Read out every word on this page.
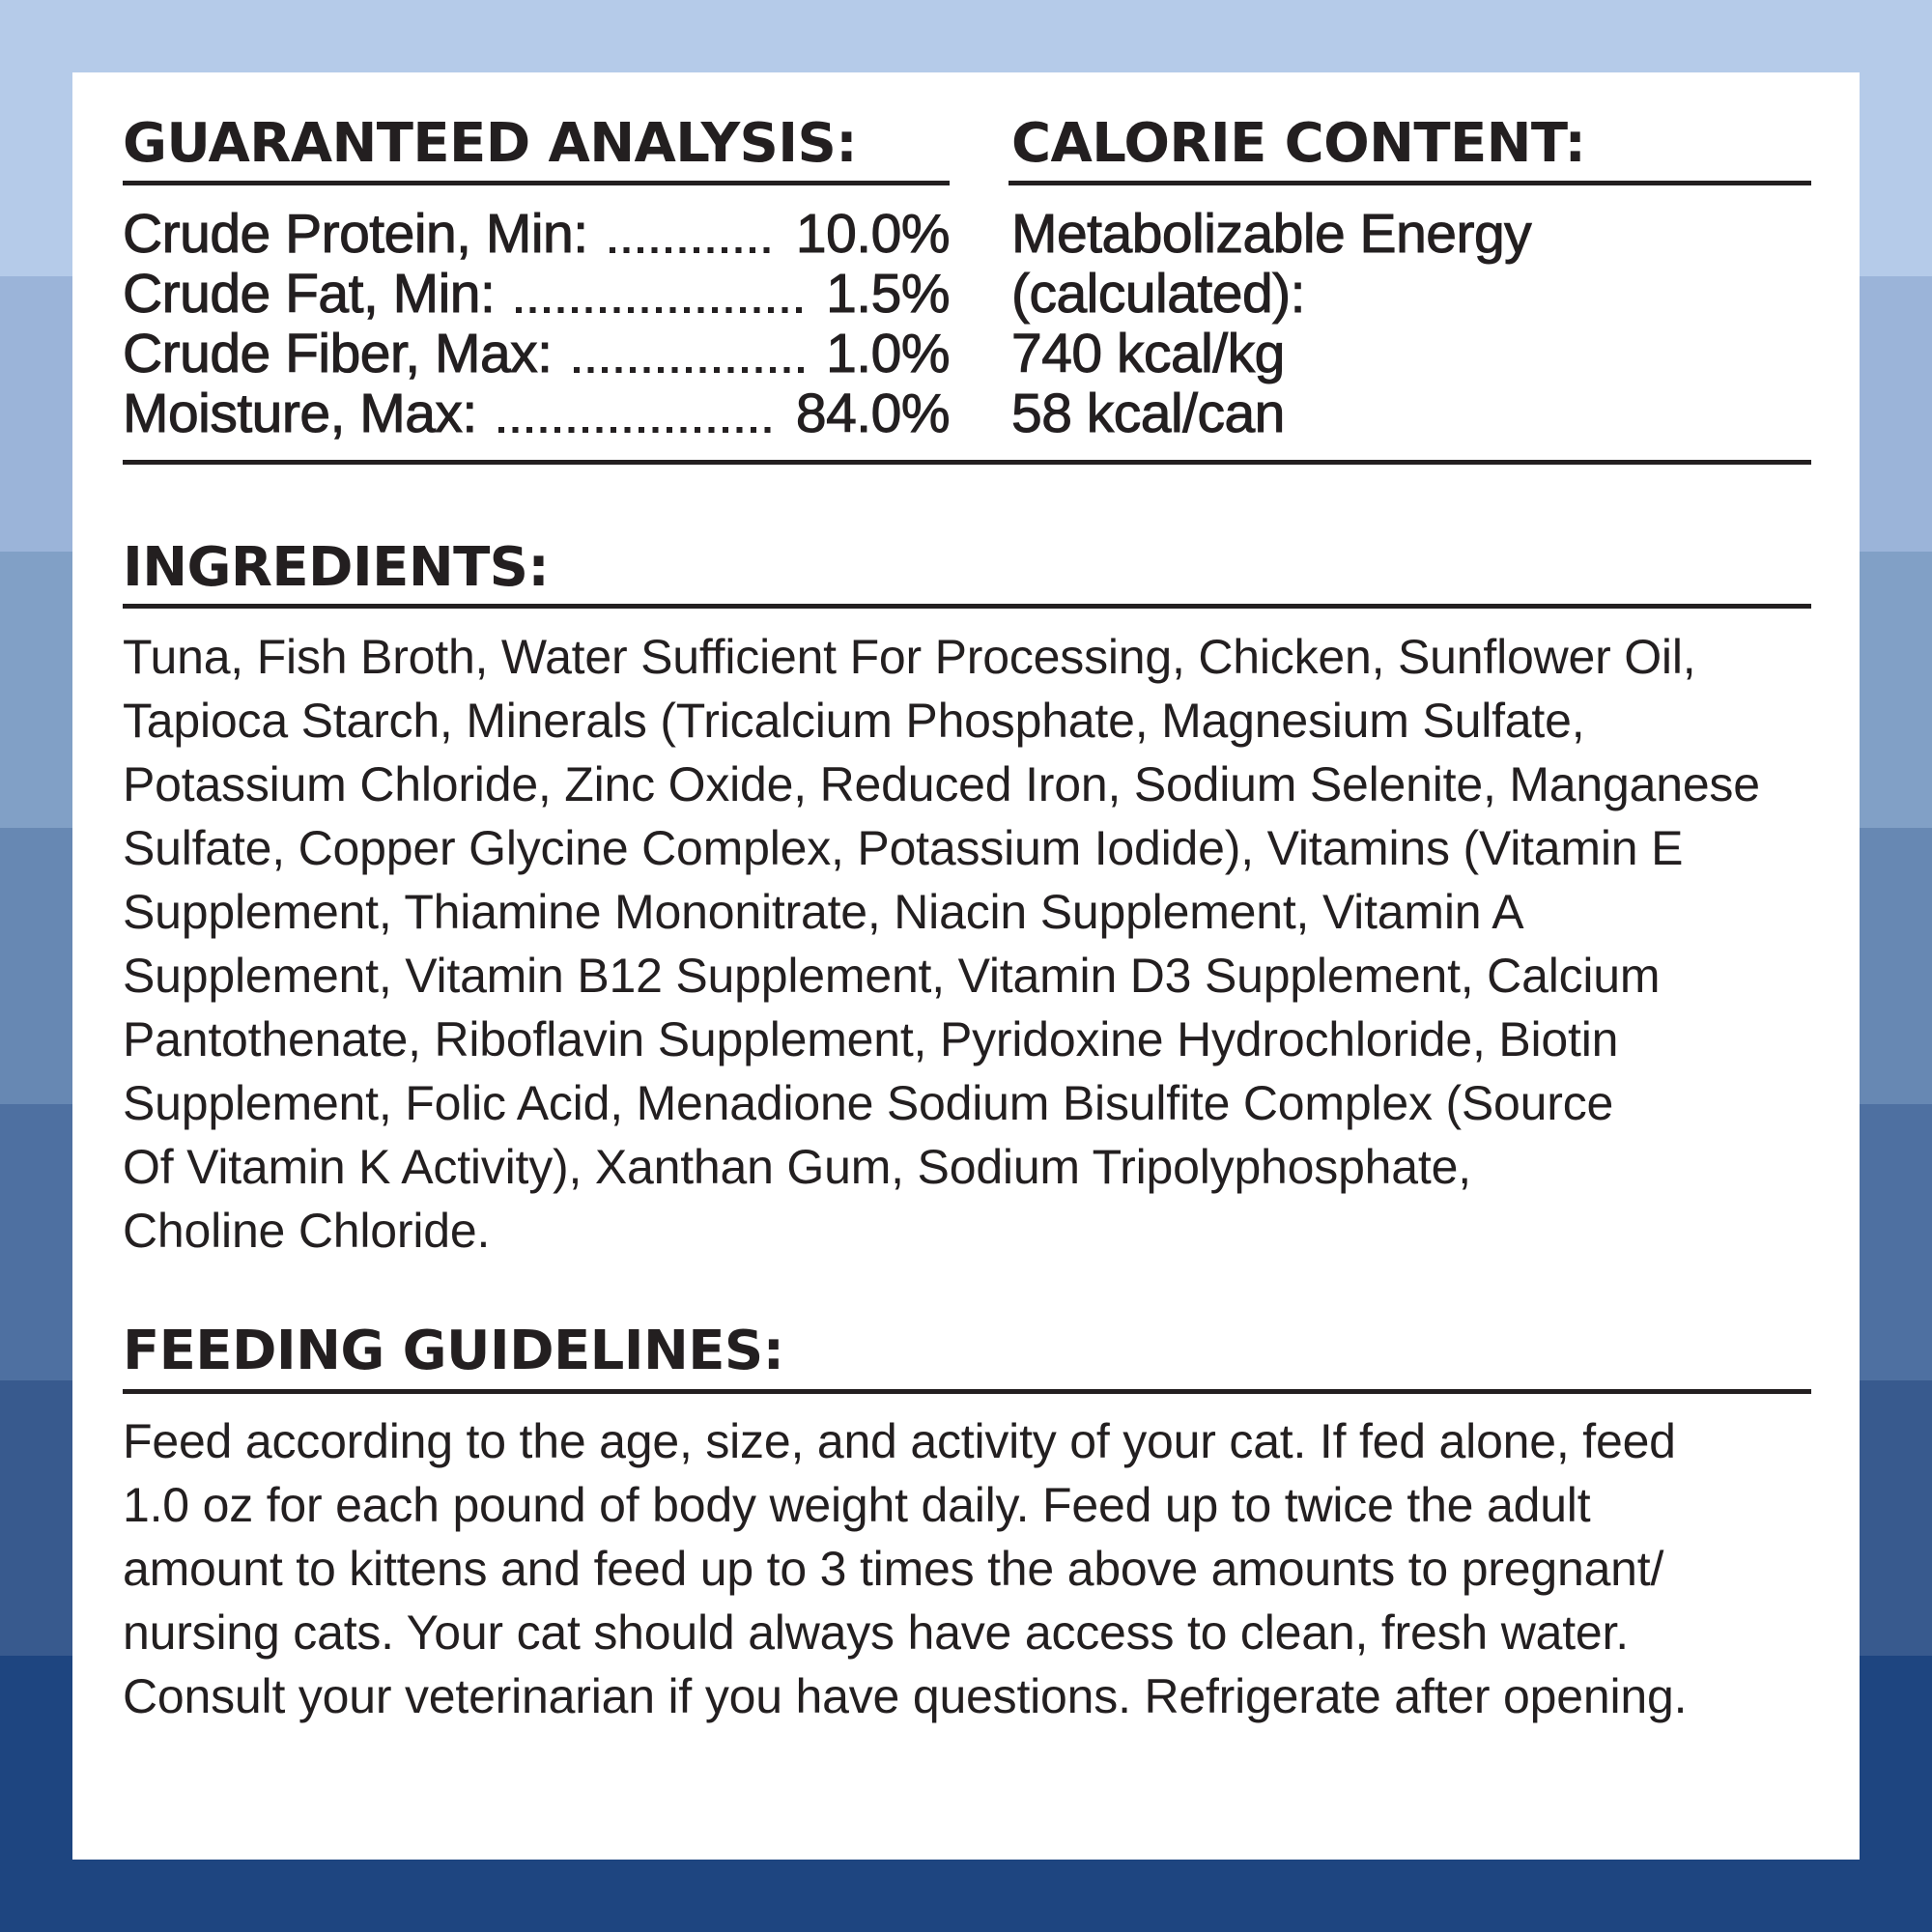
GUARANTEED ANALYSIS:
Crude Protein, Min:	10.0%
Crude Fat, Min:	1.5%
Crude Fiber, Max:	1.0%
Moisture, Max:	84.0%
CALORIE CONTENT:
Metabolizable Energy
(calculated):
740 kcal/kg
58 kcal/can
INGREDIENTS:
Tuna, Fish Broth, Water Sufficient For Processing, Chicken, Sunflower Oil,
Tapioca Starch, Minerals (Tricalcium Phosphate, Magnesium Sulfate,
Potassium Chloride, Zinc Oxide, Reduced Iron, Sodium Selenite, Manganese
Sulfate, Copper Glycine Complex, Potassium Iodide), Vitamins (Vitamin E
Supplement, Thiamine Mononitrate, Niacin Supplement, Vitamin A
Supplement, Vitamin B12 Supplement, Vitamin D3 Supplement, Calcium
Pantothenate, Riboflavin Supplement, Pyridoxine Hydrochloride, Biotin
Supplement, Folic Acid, Menadione Sodium Bisulfite Complex (Source
Of Vitamin K Activity), Xanthan Gum, Sodium Tripolyphosphate,
Choline Chloride.
FEEDING GUIDELINES:
Feed according to the age, size, and activity of your cat. If fed alone, feed
1.0 oz for each pound of body weight daily. Feed up to twice the adult
amount to kittens and feed up to 3 times the above amounts to pregnant/
nursing cats. Your cat should always have access to clean, fresh water.
Consult your veterinarian if you have questions. Refrigerate after opening.
